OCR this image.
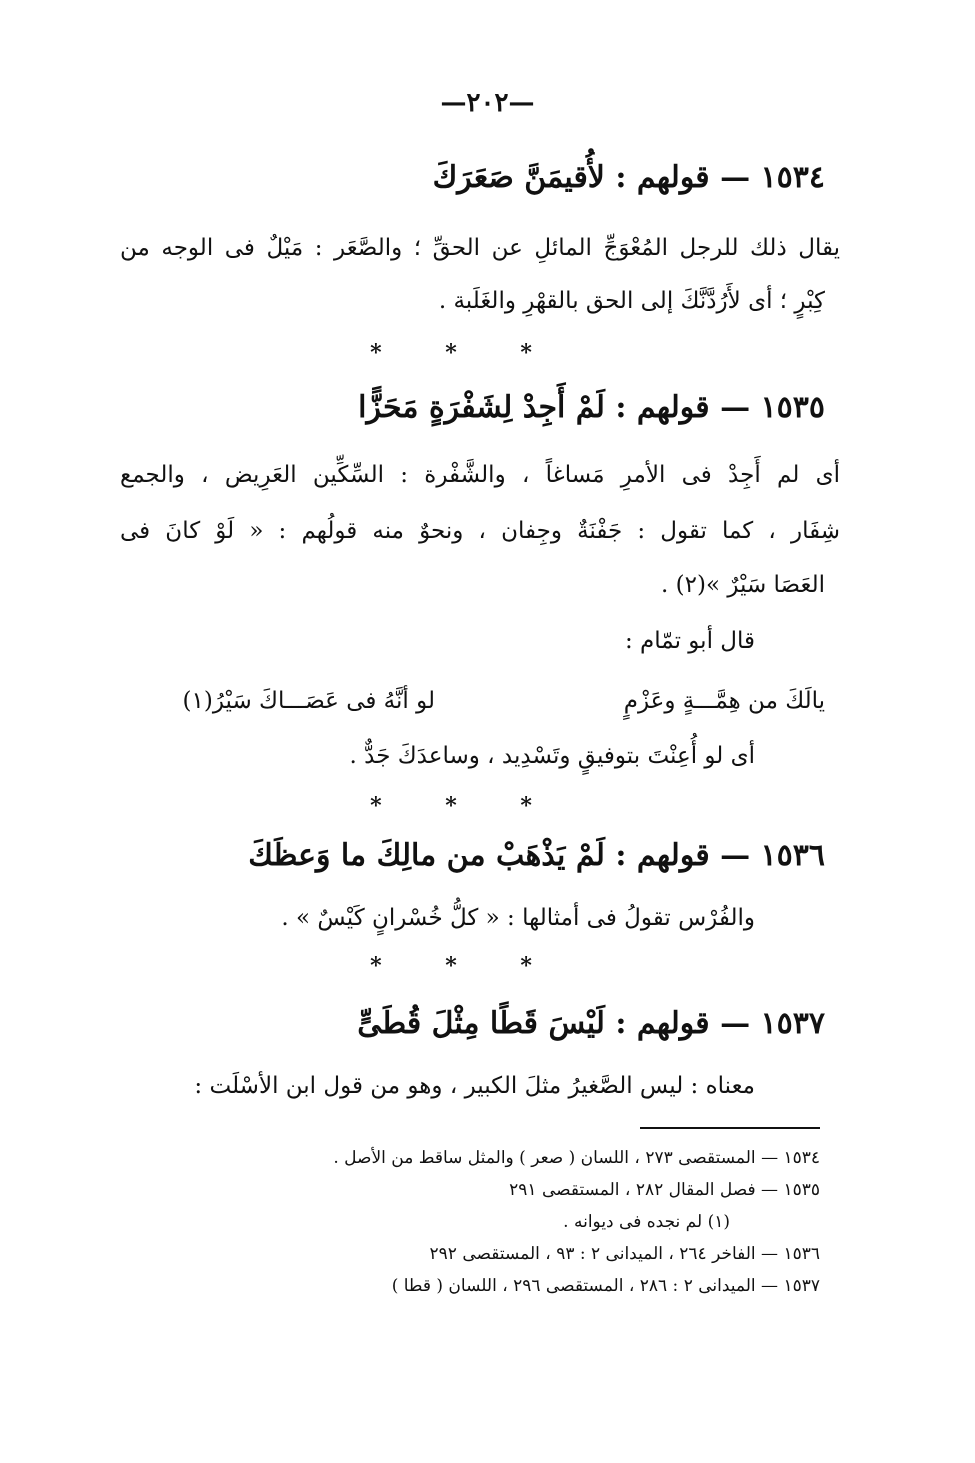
—٢٠٢—
١٥٣٤ — قولهم : لأُقيمَنَّ صَعَرَكَ
يقال ذلك للرجل المُعْوَجِّ المائلِ عن الحقِّ ؛ والصَّعَر : مَيْلٌ فى الوجه من
كِبْرٍ ؛ أى لأَرُدَّنَّكَ إلى الحق بالقهْرِ والغَلَبة .
* * *
١٥٣٥ — قولهم : لَمْ أَجِدْ لِشَفْرَةٍ مَحَزًّا
أى لم أَجِدْ فى الأمرِ مَساغاً ، والشَّفْرة : السِّكِّين العَرِيض ، والجمع
شِفَار ، كما تقول : جَفْنَةٌ وجِفان ، ونحوٌ منه قولُهم : « لَوْ كانَ فى
العَصَا سَيْرٌ »(٢) .
قال أبو تمّام :
يالَكَ من هِمَّـــةٍ وعَزْمٍ
لو أنَّهُ فى عَصَـــاكَ سَيْرُ(١)
أى لو أُعِنْتَ بتوفيقٍ وتَسْدِيد ، وساعدَكَ جَدٌّ .
* * *
١٥٣٦ — قولهم : لَمْ يَذْهَبْ من مالِكَ ما وَعظَكَ
والفُرْس تقولُ فى أمثالها : « كلُّ خُسْرانٍ كَيْسٌ » .
* * *
١٥٣٧ — قولهم : لَيْسَ قَطًا مِثْلَ قُطَىٍّ
معناه : ليس الصَّغيرُ مثلَ الكبير ، وهو من قول ابن الأسْلَت :
١٥٣٤ — المستقصى ٢٧٣ ، اللسان ( صعر ) والمثل ساقط من الأصل .
١٥٣٥ — فصل المقال ٢٨٢ ، المستقصى ٢٩١
(١) لم نجده فى ديوانه .
١٥٣٦ — الفاخر ٢٦٤ ، الميدانى ٢ : ٩٣ ، المستقصى ٢٩٢
١٥٣٧ — الميدانى ٢ : ٢٨٦ ، المستقصى ٢٩٦ ، اللسان ( قطا )
